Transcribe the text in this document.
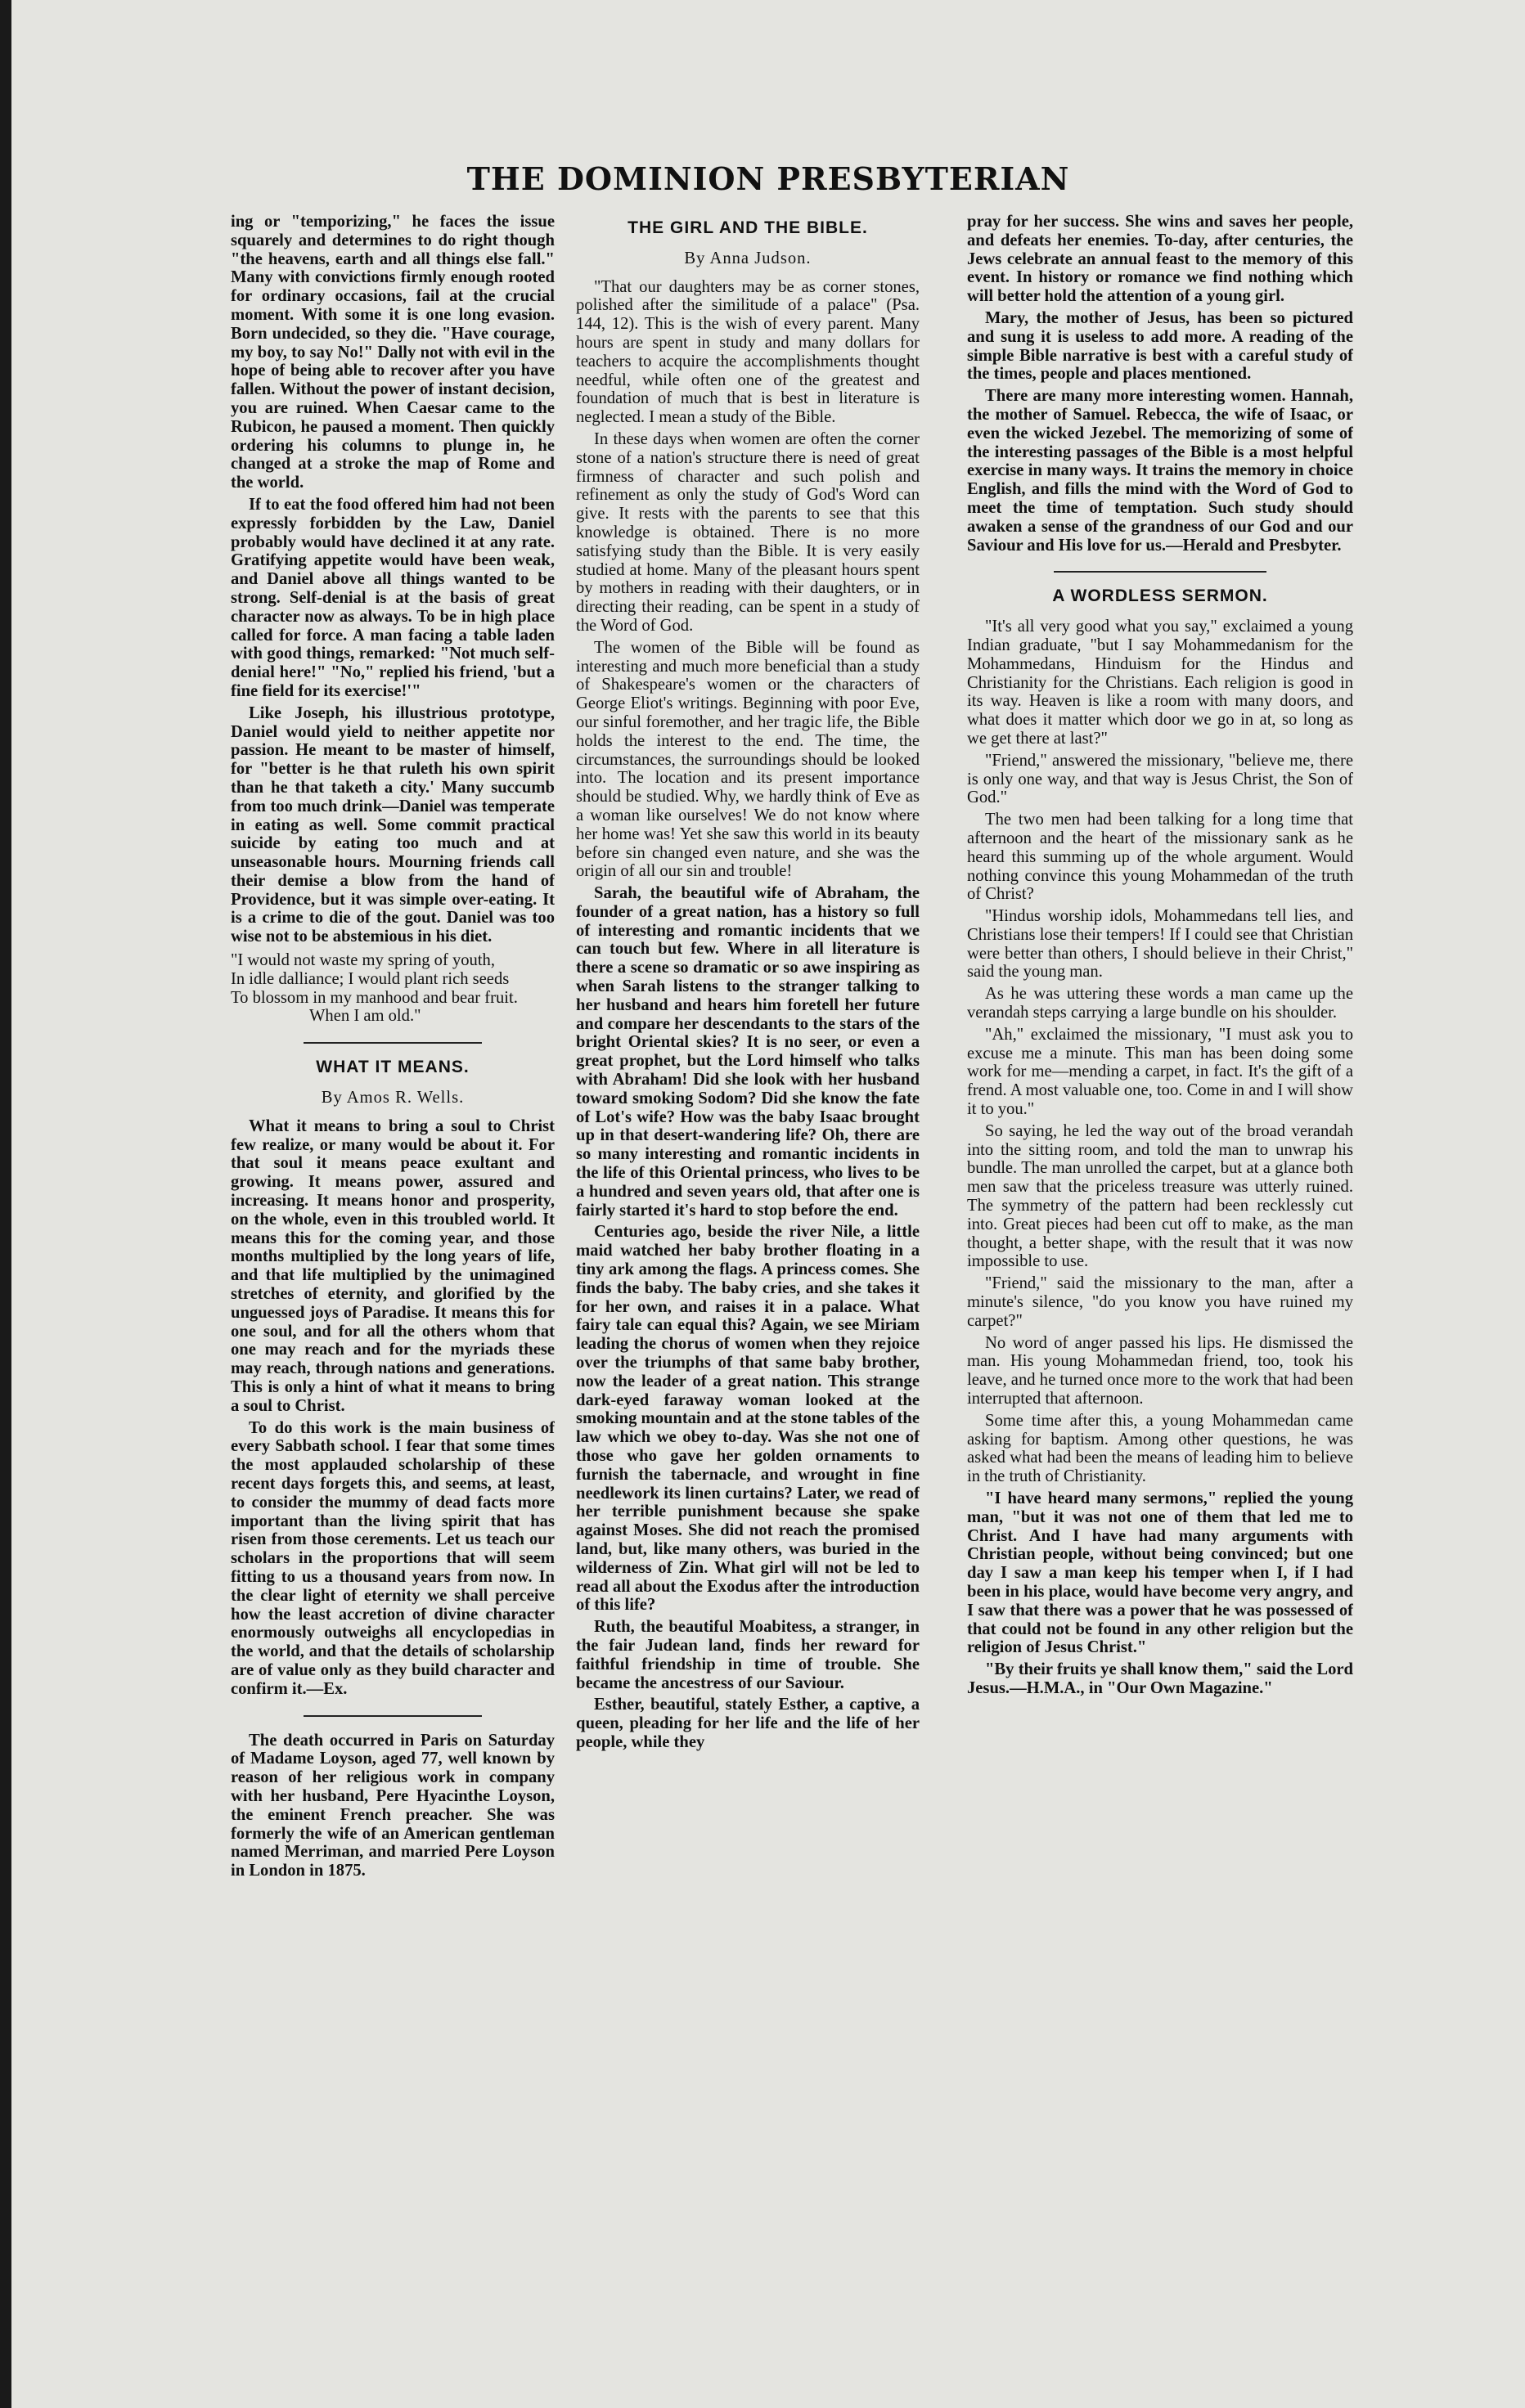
THE DOMINION PRESBYTERIAN

ing or "temporizing," he faces the issue squarely and determines to do right though "the heavens, earth and all things else fall." Many with convictions firmly enough rooted for ordinary occasions, fail at the crucial moment. With some it is one long evasion. Born undecided, so they die. "Have courage, my boy, to say No!" Dally not with evil in the hope of being able to recover after you have fallen. Without the power of instant decision, you are ruined. When Caesar came to the Rubicon, he paused a moment. Then quickly ordering his columns to plunge in, he changed at a stroke the map of Rome and the world.

If to eat the food offered him had not been expressly forbidden by the Law, Daniel probably would have declined it at any rate. Gratifying appetite would have been weak, and Daniel above all things wanted to be strong. Self-denial is at the basis of great character now as always. To be in high place called for force. A man facing a table laden with good things, remarked: "Not much self-denial here!" "No," replied his friend, 'but a fine field for its exercise!'"

Like Joseph, his illustrious prototype, Daniel would yield to neither appetite nor passion. He meant to be master of himself, for "better is he that ruleth his own spirit than he that taketh a city.' Many succumb from too much drink—Daniel was temperate in eating as well. Some commit practical suicide by eating too much and at unseasonable hours. Mourning friends call their demise a blow from the hand of Providence, but it was simple over-eating. It is a crime to die of the gout. Daniel was too wise not to be abstemious in his diet.

"I would not waste my spring of youth,
In idle dalliance; I would plant rich seeds
To blossom in my manhood and bear fruit.
When I am old."
WHAT IT MEANS.
By Amos R. Wells.

What it means to bring a soul to Christ few realize, or many would be about it. For that soul it means peace exultant and growing. It means power, assured and increasing. It means honor and prosperity, on the whole, even in this troubled world. It means this for the coming year, and those months multiplied by the long years of life, and that life multiplied by the unimagined stretches of eternity, and glorified by the unguessed joys of Paradise. It means this for one soul, and for all the others whom that one may reach and for the myriads these may reach, through nations and generations. This is only a hint of what it means to bring a soul to Christ.

To do this work is the main business of every Sabbath school. I fear that some times the most applauded scholarship of these recent days forgets this, and seems, at least, to consider the mummy of dead facts more important than the living spirit that has risen from those cerements. Let us teach our scholars in the proportions that will seem fitting to us a thousand years from now. In the clear light of eternity we shall perceive how the least accretion of divine character enormously outweighs all encyclopedias in the world, and that the details of scholarship are of value only as they build character and confirm it.—Ex.

The death occurred in Paris on Saturday of Madame Loyson, aged 77, well known by reason of her religious work in company with her husband, Pere Hyacinthe Loyson, the eminent French preacher. She was formerly the wife of an American gentleman named Merriman, and married Pere Loyson in London in 1875.

THE GIRL AND THE BIBLE.
By Anna Judson.

"That our daughters may be as corner stones, polished after the similitude of a palace" (Psa. 144, 12). This is the wish of every parent. Many hours are spent in study and many dollars for teachers to acquire the accomplishments thought needful, while often one of the greatest and foundation of much that is best in literature is neglected. I mean a study of the Bible.

In these days when women are often the corner stone of a nation's structure there is need of great firmness of character and such polish and refinement as only the study of God's Word can give. It rests with the parents to see that this knowledge is obtained. There is no more satisfying study than the Bible. It is very easily studied at home. Many of the pleasant hours spent by mothers in reading with their daughters, or in directing their reading, can be spent in a study of the Word of God.

The women of the Bible will be found as interesting and much more beneficial than a study of Shakespeare's women or the characters of George Eliot's writings. Beginning with poor Eve, our sinful foremother, and her tragic life, the Bible holds the interest to the end. The time, the circumstances, the surroundings should be looked into. The location and its present importance should be studied. Why, we hardly think of Eve as a woman like ourselves! We do not know where her home was! Yet she saw this world in its beauty before sin changed even nature, and she was the origin of all our sin and trouble!

Sarah, the beautiful wife of Abraham, the founder of a great nation, has a history so full of interesting and romantic incidents that we can touch but few. Where in all literature is there a scene so dramatic or so awe inspiring as when Sarah listens to the stranger talking to her husband and hears him foretell her future and compare her descendants to the stars of the bright Oriental skies? It is no seer, or even a great prophet, but the Lord himself who talks with Abraham! Did she look with her husband toward smoking Sodom? Did she know the fate of Lot's wife? How was the baby Isaac brought up in that desert-wandering life? Oh, there are so many interesting and romantic incidents in the life of this Oriental princess, who lives to be a hundred and seven years old, that after one is fairly started it's hard to stop before the end.

Centuries ago, beside the river Nile, a little maid watched her baby brother floating in a tiny ark among the flags. A princess comes. She finds the baby. The baby cries, and she takes it for her own, and raises it in a palace. What fairy tale can equal this? Again, we see Miriam leading the chorus of women when they rejoice over the triumphs of that same baby brother, now the leader of a great nation. This strange dark-eyed faraway woman looked at the smoking mountain and at the stone tables of the law which we obey to-day. Was she not one of those who gave her golden ornaments to furnish the tabernacle, and wrought in fine needlework its linen curtains? Later, we read of her terrible punishment because she spake against Moses. She did not reach the promised land, but, like many others, was buried in the wilderness of Zin. What girl will not be led to read all about the Exodus after the introduction of this life?

Ruth, the beautiful Moabitess, a stranger, in the fair Judean land, finds her reward for faithful friendship in time of trouble. She became the ancestress of our Saviour.

Esther, beautiful, stately Esther, a captive, a queen, pleading for her life and the life of her people, while they

pray for her success. She wins and saves her people, and defeats her enemies. To-day, after centuries, the Jews celebrate an annual feast to the memory of this event. In history or romance we find nothing which will better hold the attention of a young girl.

Mary, the mother of Jesus, has been so pictured and sung it is useless to add more. A reading of the simple Bible narrative is best with a careful study of the times, people and places mentioned.

There are many more interesting women. Hannah, the mother of Samuel. Rebecca, the wife of Isaac, or even the wicked Jezebel. The memorizing of some of the interesting passages of the Bible is a most helpful exercise in many ways. It trains the memory in choice English, and fills the mind with the Word of God to meet the time of temptation. Such study should awaken a sense of the grandness of our God and our Saviour and His love for us.—Herald and Presbyter.

A WORDLESS SERMON.

"It's all very good what you say," exclaimed a young Indian graduate, "but I say Mohammedanism for the Mohammedans, Hinduism for the Hindus and Christianity for the Christians. Each religion is good in its way. Heaven is like a room with many doors, and what does it matter which door we go in at, so long as we get there at last?"

"Friend," answered the missionary, "believe me, there is only one way, and that way is Jesus Christ, the Son of God."

The two men had been talking for a long time that afternoon and the heart of the missionary sank as he heard this summing up of the whole argument. Would nothing convince this young Mohammedan of the truth of Christ?

"Hindus worship idols, Mohammedans tell lies, and Christians lose their tempers! If I could see that Christian were better than others, I should believe in their Christ," said the young man.

As he was uttering these words a man came up the verandah steps carrying a large bundle on his shoulder.

"Ah," exclaimed the missionary, "I must ask you to excuse me a minute. This man has been doing some work for me—mending a carpet, in fact. It's the gift of a frend. A most valuable one, too. Come in and I will show it to you."

So saying, he led the way out of the broad verandah into the sitting room, and told the man to unwrap his bundle. The man unrolled the carpet, but at a glance both men saw that the priceless treasure was utterly ruined. The symmetry of the pattern had been recklessly cut into. Great pieces had been cut off to make, as the man thought, a better shape, with the result that it was now impossible to use.

"Friend," said the missionary to the man, after a minute's silence, "do you know you have ruined my carpet?"

No word of anger passed his lips. He dismissed the man. His young Mohammedan friend, too, took his leave, and he turned once more to the work that had been interrupted that afternoon.

Some time after this, a young Mohammedan came asking for baptism. Among other questions, he was asked what had been the means of leading him to believe in the truth of Christianity.

"I have heard many sermons," replied the young man, "but it was not one of them that led me to Christ. And I have had many arguments with Christian people, without being convinced; but one day I saw a man keep his temper when I, if I had been in his place, would have become very angry, and I saw that there was a power that he was possessed of that could not be found in any other religion but the religion of Jesus Christ."

"By their fruits ye shall know them," said the Lord Jesus.—H.M.A., in "Our Own Magazine."
